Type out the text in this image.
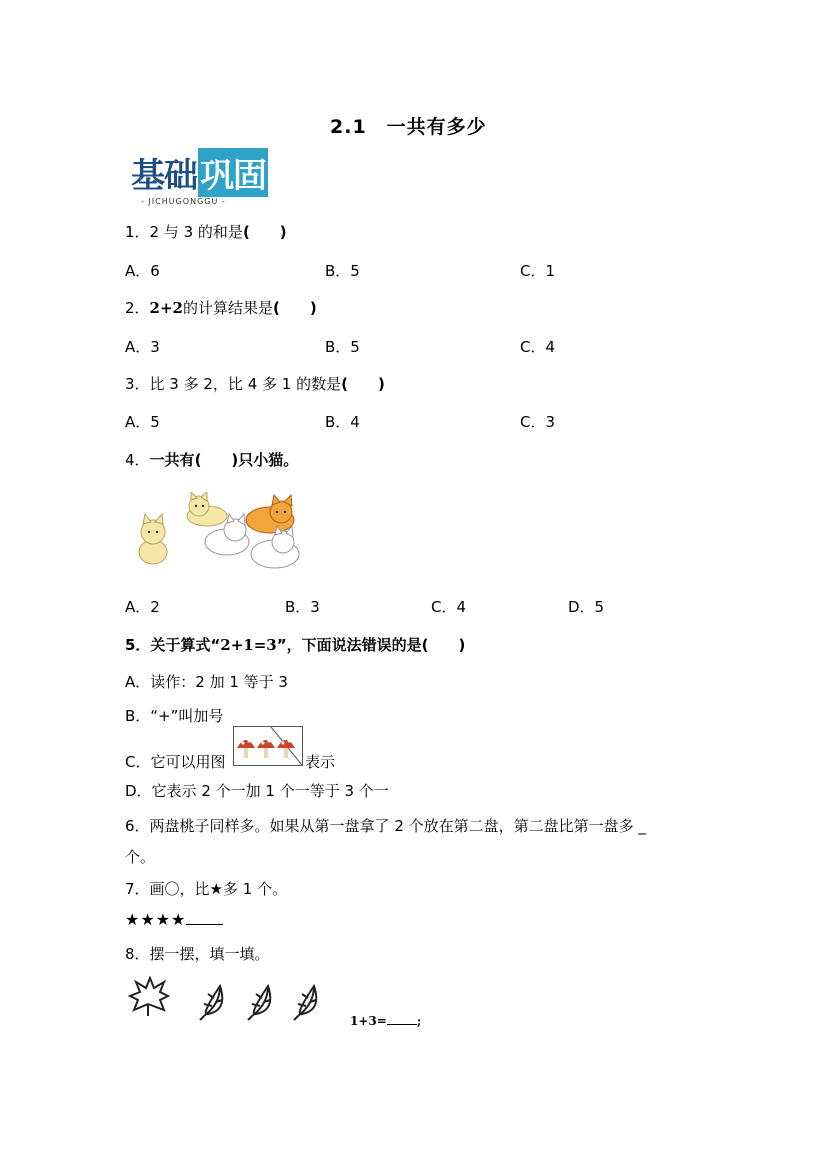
2.1　一共有多少
基础巩固
- JICHUGONGGU -
1．2 与 3 的和是(　　)
A．6	B．5	C．1
2．2+2的计算结果是(　　)
A．3	B．5	C．4
3．比 3 多 2，比 4 多 1 的数是(　　)
A．5	B．4	C．3
4．一共有(　　)只小猫。
A．2	B．3	C．4	D．5
5．关于算式“2+1=3”，下面说法错误的是(　　)
A．读作：2 加 1 等于 3
B．“+”叫加号
C．它可以用图	表示
D．它表示 2 个一加 1 个一等于 3 个一
6．两盘桃子同样多。如果从第一盘拿了 2 个放在第二盘，第二盘比第一盘多 _
个。
7．画〇，比★多 1 个。
★★★★
8．摆一摆，填一填。
1+3=	;
